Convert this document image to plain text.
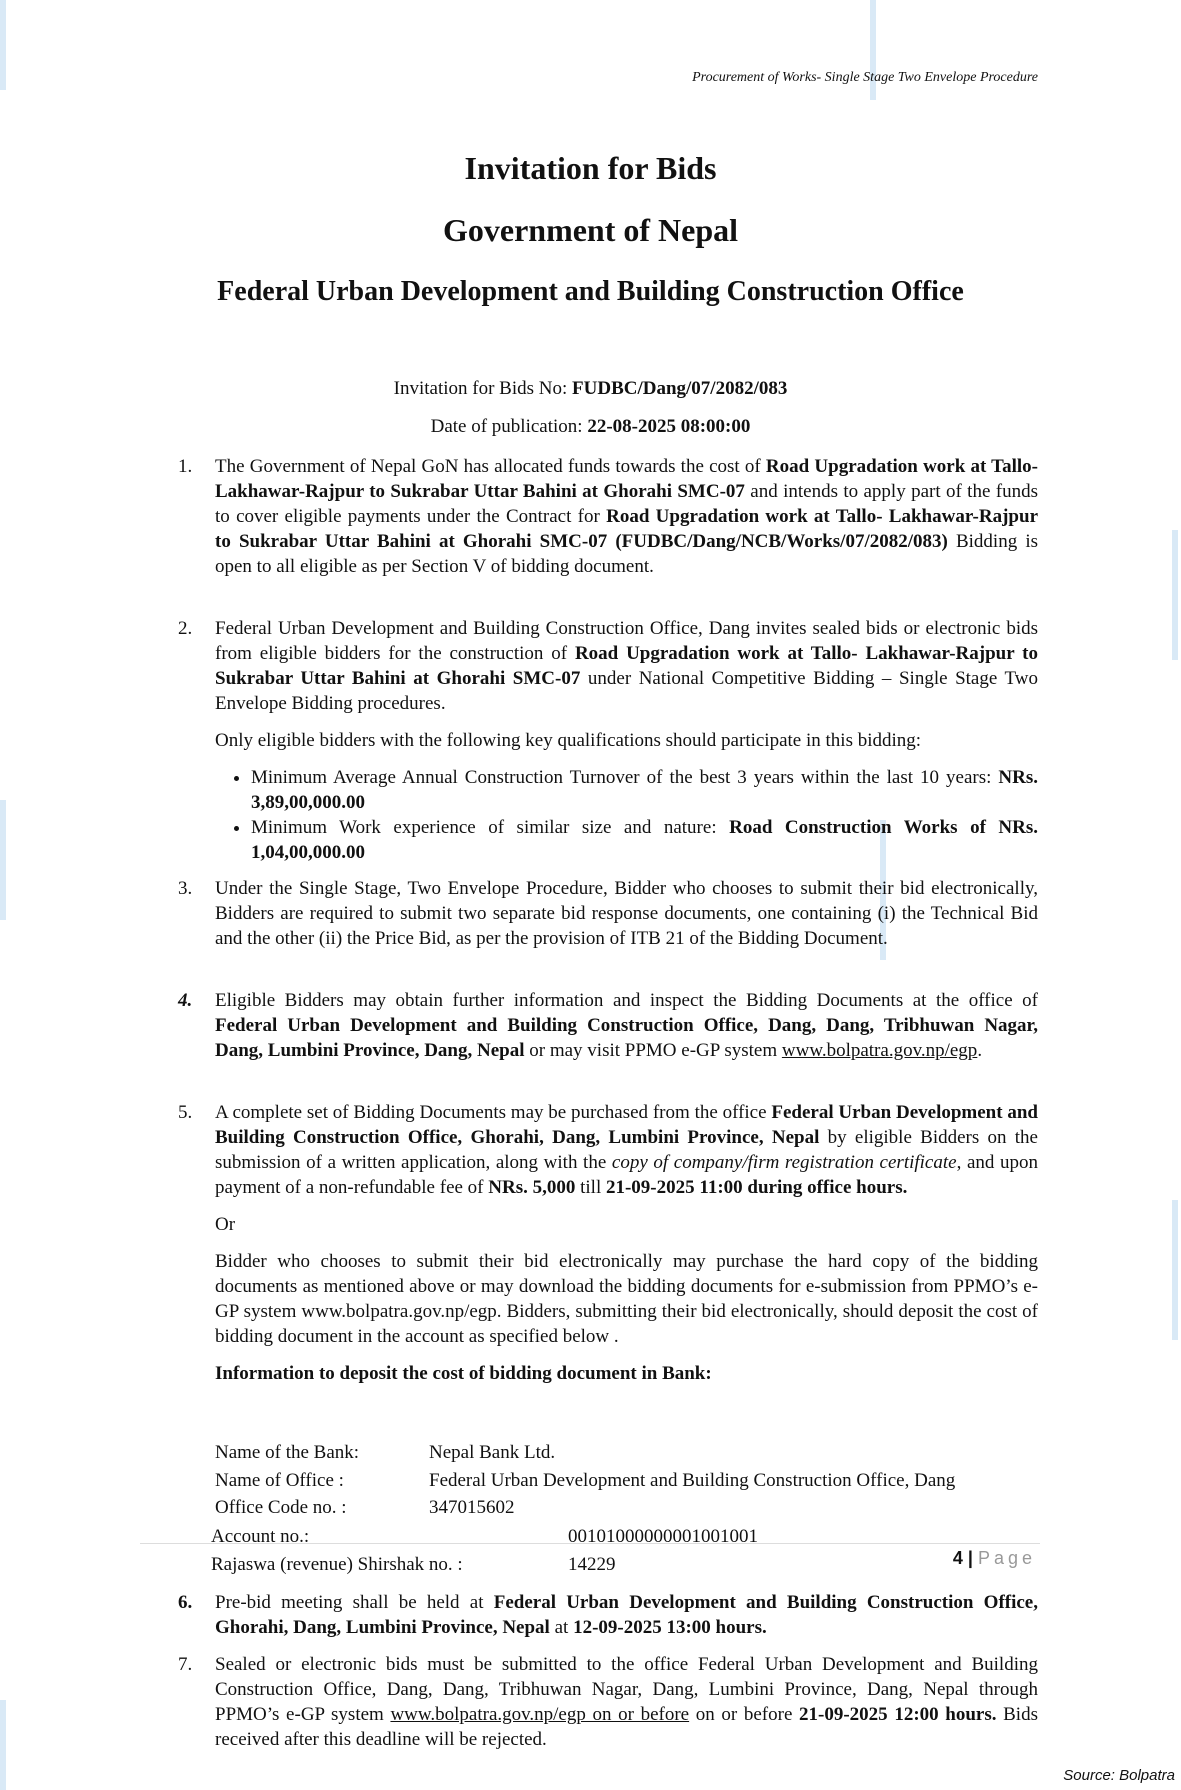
Procurement of Works- Single Stage Two Envelope Procedure
Invitation for Bids
Government of Nepal
Federal Urban Development and Building Construction Office
Invitation for Bids No: FUDBC/Dang/07/2082/083
Date of publication: 22-08-2025 08:00:00
1. The Government of Nepal GoN has allocated funds towards the cost of Road Upgradation work at Tallo- Lakhawar-Rajpur to Sukrabar Uttar Bahini at Ghorahi SMC-07 and intends to apply part of the funds to cover eligible payments under the Contract for Road Upgradation work at Tallo- Lakhawar-Rajpur to Sukrabar Uttar Bahini at Ghorahi SMC-07 (FUDBC/Dang/NCB/Works/07/2082/083) Bidding is open to all eligible as per Section V of bidding document.

2. Federal Urban Development and Building Construction Office, Dang invites sealed bids or electronic bids from eligible bidders for the construction of Road Upgradation work at Tallo- Lakhawar-Rajpur to Sukrabar Uttar Bahini at Ghorahi SMC-07 under National Competitive Bidding – Single Stage Two Envelope Bidding procedures.

Only eligible bidders with the following key qualifications should participate in this bidding:

• Minimum Average Annual Construction Turnover of the best 3 years within the last 10 years: NRs. 3,89,00,000.00
• Minimum Work experience of similar size and nature: Road Construction Works of NRs. 1,04,00,000.00
3. Under the Single Stage, Two Envelope Procedure, Bidder who chooses to submit their bid electronically, Bidders are required to submit two separate bid response documents, one containing (i) the Technical Bid and the other (ii) the Price Bid, as per the provision of ITB 21 of the Bidding Document.

4. Eligible Bidders may obtain further information and inspect the Bidding Documents at the office of Federal Urban Development and Building Construction Office, Dang, Dang, Tribhuwan Nagar, Dang, Lumbini Province, Dang, Nepal or may visit PPMO e-GP system www.bolpatra.gov.np/egp.

5. A complete set of Bidding Documents may be purchased from the office Federal Urban Development and Building Construction Office, Ghorahi, Dang, Lumbini Province, Nepal by eligible Bidders on the submission of a written application, along with the copy of company/firm registration certificate, and upon payment of a non-refundable fee of NRs. 5,000 till 21-09-2025 11:00 during office hours.

Or

Bidder who chooses to submit their bid electronically may purchase the hard copy of the bidding documents as mentioned above or may download the bidding documents for e-submission from PPMO’s e-GP system www.bolpatra.gov.np/egp. Bidders, submitting their bid electronically, should deposit the cost of bidding document in the account as specified below .

Information to deposit the cost of bidding document in Bank:

Name of the Bank:	Nepal Bank Ltd.
Name of Office :	Federal Urban Development and Building Construction Office, Dang
Office Code no. :	347015602
Account no.:	00101000000001001001
Rajaswa (revenue) Shirshak no. :	14229	4 | Page
6. Pre-bid meeting shall be held at Federal Urban Development and Building Construction Office, Ghorahi, Dang, Lumbini Province, Nepal at 12-09-2025 13:00 hours.

7. Sealed or electronic bids must be submitted to the office Federal Urban Development and Building Construction Office, Dang, Dang, Tribhuwan Nagar, Dang, Lumbini Province, Dang, Nepal through PPMO’s e-GP system www.bolpatra.gov.np/egp on or before on or before 21-09-2025 12:00 hours. Bids received after this deadline will be rejected.

Source: Bolpatra
